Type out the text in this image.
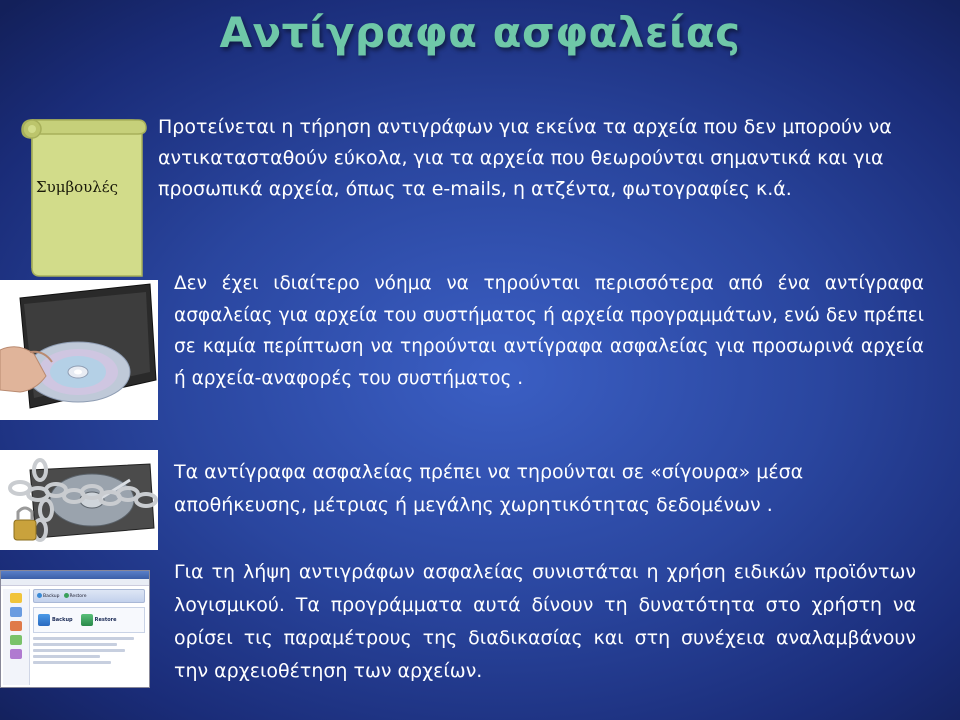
Αντίγραφα ασφαλείας
Συμβουλές

Προτείνεται η τήρηση αντιγράφων για εκείνα τα αρχεία που δεν μπορούν να αντικατασταθούν εύκολα, για τα αρχεία που θεωρούνται σημαντικά και για προσωπικά αρχεία, όπως τα e-mails, η ατζέντα, φωτογραφίες κ.ά.

Δεν έχει ιδιαίτερο νόημα να τηρούνται περισσότερα από ένα αντίγραφα ασφαλείας για αρχεία του συστήματος ή αρχεία προγραμμάτων, ενώ δεν πρέπει σε καμία περίπτωση να τηρούνται αντίγραφα ασφαλείας για προσωρινά αρχεία ή αρχεία-αναφορές του συστήματος .

Τα αντίγραφα ασφαλείας πρέπει να τηρούνται σε «σίγουρα» μέσα αποθήκευσης, μέτριας ή μεγάλης χωρητικότητας δεδομένων .

Backup	Restore
Backup	Restore

Για τη λήψη αντιγράφων ασφαλείας συνιστάται η χρήση ειδικών προϊόντων λογισμικού. Τα προγράμματα αυτά δίνουν τη δυνατότητα στο χρήστη να ορίσει τις παραμέτρους της διαδικασίας και στη συνέχεια αναλαμβάνουν την αρχειοθέτηση των αρχείων.
